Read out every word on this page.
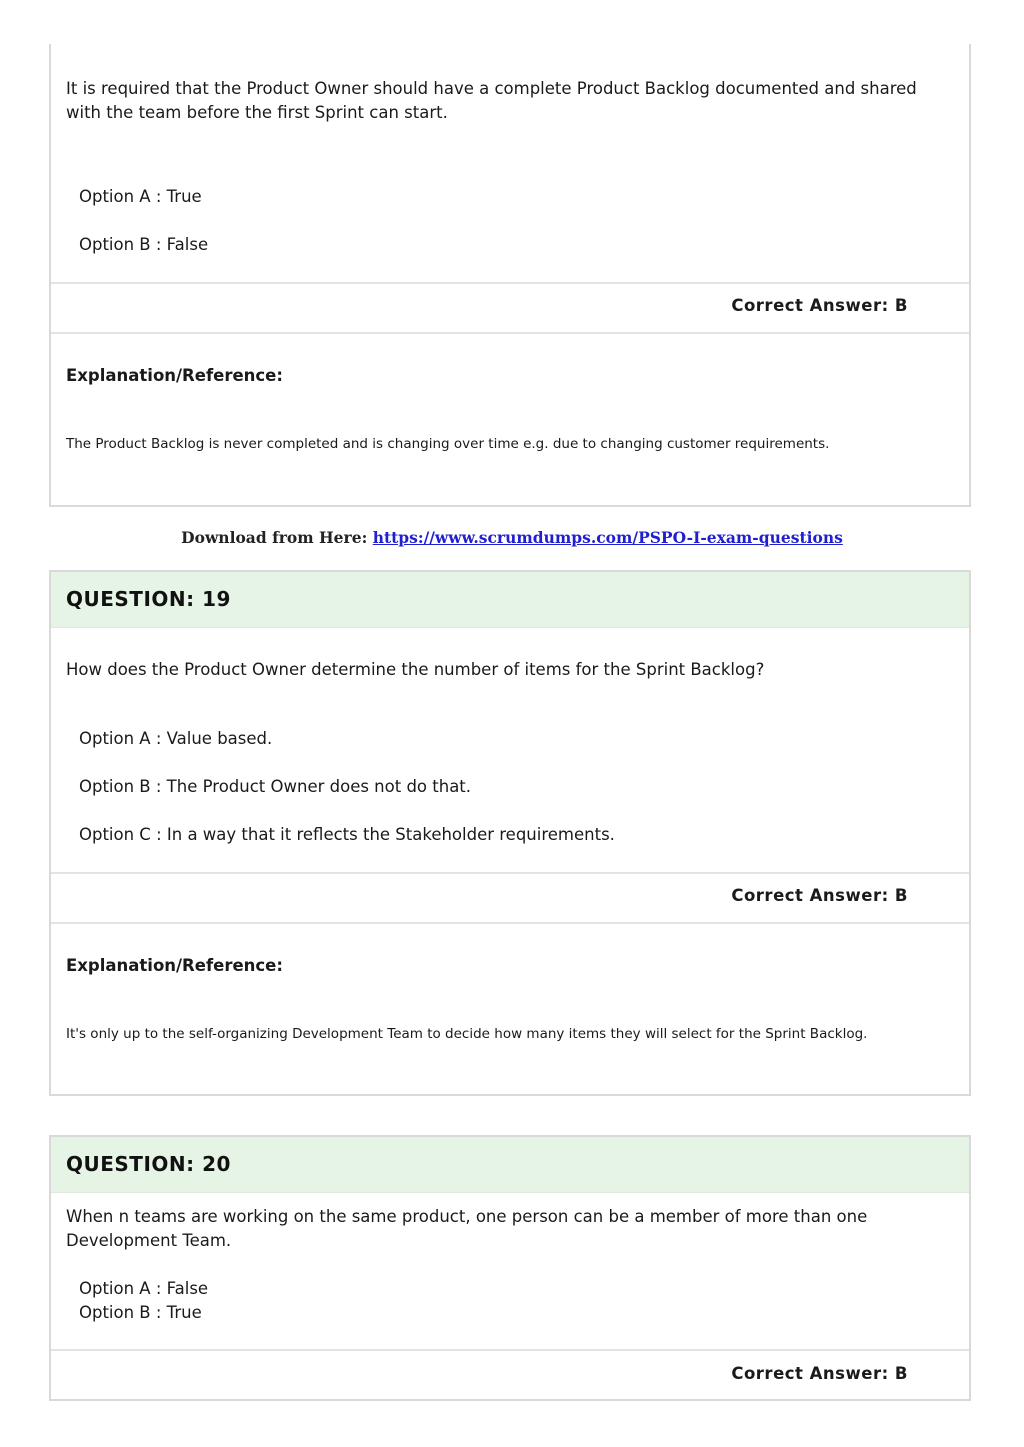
It is required that the Product Owner should have a complete Product Backlog documented and shared with the team before the first Sprint can start.
Option A : True
Option B : False
Correct Answer: B
Explanation/Reference:
The Product Backlog is never completed and is changing over time e.g. due to changing customer requirements.
Download from Here: https://www.scrumdumps.com/PSPO-I-exam-questions
QUESTION: 19
How does the Product Owner determine the number of items for the Sprint Backlog?
Option A : Value based.
Option B : The Product Owner does not do that.
Option C : In a way that it reflects the Stakeholder requirements.
Correct Answer: B
Explanation/Reference:
It's only up to the self-organizing Development Team to decide how many items they will select for the Sprint Backlog.
QUESTION: 20
When n teams are working on the same product, one person can be a member of more than one Development Team.
Option A : False
Option B : True
Correct Answer: B
